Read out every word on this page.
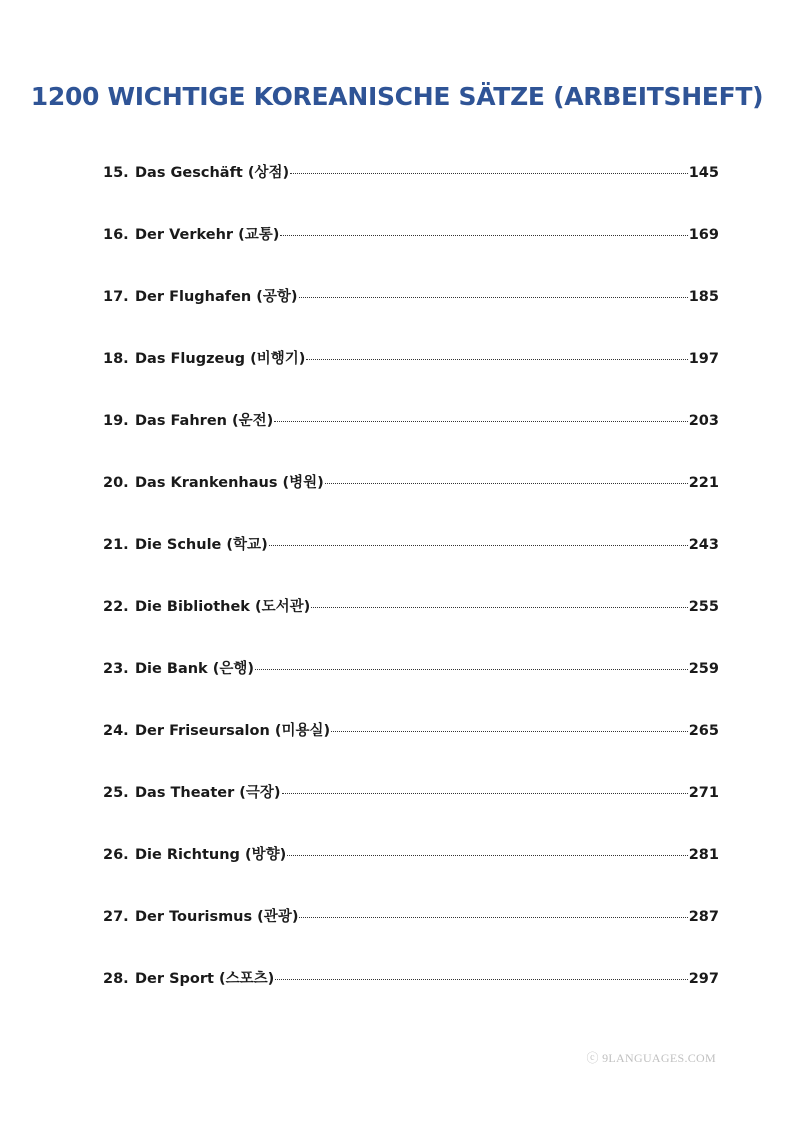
1200 WICHTIGE KOREANISCHE SÄTZE (ARBEITSHEFT)
15. Das Geschäft (상점)	145
16. Der Verkehr (교통)	169
17. Der Flughafen (공항)	185
18. Das Flugzeug (비행기)	197
19. Das Fahren (운전)	203
20. Das Krankenhaus (병원)	221
21. Die Schule (학교)	243
22. Die Bibliothek (도서관)	255
23. Die Bank (은행)	259
24. Der Friseursalon (미용실)	265
25. Das Theater (극장)	271
26. Die Richtung (방향)	281
27. Der Tourismus (관광)	287
28. Der Sport (스포츠)	297
ⓒ 9LANGUAGES.COM
